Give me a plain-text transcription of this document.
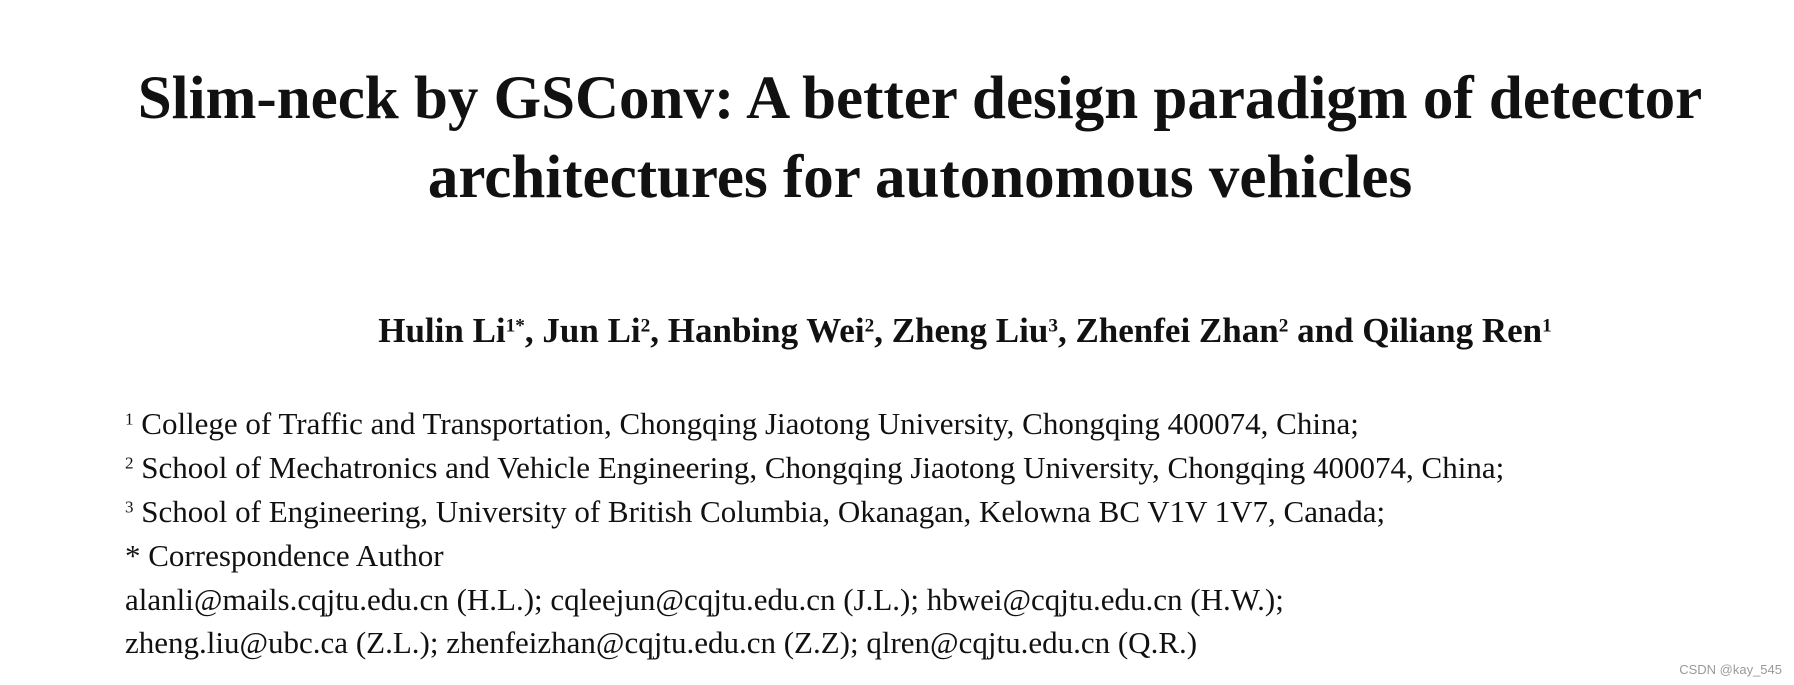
Slim-neck by GSConv: A better design paradigm of detector
architectures for autonomous vehicles

Hulin $Li^{1*}$, Jun Li$^2$, Hanbing Wei$^2$, Zheng Liu$^3$, Zhenfei Zhan$^2$ and Qiliang Ren$^1$

$^1$ College of Traffic and Transportation, Chongqing Jiaotong University, Chongqing 400074, China;

$^2$ School of Mechatronics and Vehicle Engineering, Chongqing Jiaotong University, Chongqing 400074, China;

$^3$ School of Engineering, University of British Columbia, Okanagan, Kelowna BC V1V 1V7, Canada;

* Correspondence Author

alanli@mails.cqjtu.edu.cn (H.L.); cqleejun@cqjtu.edu.cn (J.L.); hbwei@cqjtu.edu.cn (H.W.);

zheng.liu@ubc.ca (Z.L.); zhenfeizhan@cqjtu.edu.cn (Z.Z); qlren@cqjtu.edu.cn (Q.R.)

CSDN @kay_545
